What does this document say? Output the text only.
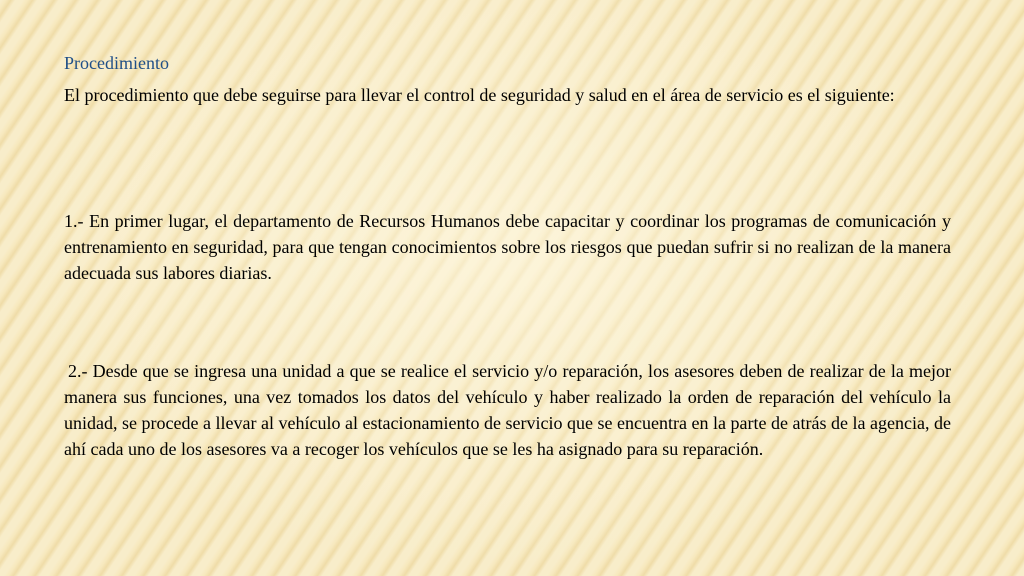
Procedimiento

El procedimiento que debe seguirse para llevar el control de seguridad y salud en el área de servicio es el siguiente:

1.- En primer lugar, el departamento de Recursos Humanos debe capacitar y coordinar los programas de comunicación y entrenamiento en seguridad, para que tengan conocimientos sobre los riesgos que puedan sufrir si no realizan de la manera adecuada sus labores diarias.

2.- Desde que se ingresa una unidad a que se realice el servicio y/o reparación, los asesores deben de realizar de la mejor manera sus funciones, una vez tomados los datos del vehículo y haber realizado la orden de reparación del vehículo la unidad, se procede a llevar al vehículo al estacionamiento de servicio que se encuentra en la parte de atrás de la agencia, de ahí cada uno de los asesores va a recoger los vehículos que se les ha asignado para su reparación.
